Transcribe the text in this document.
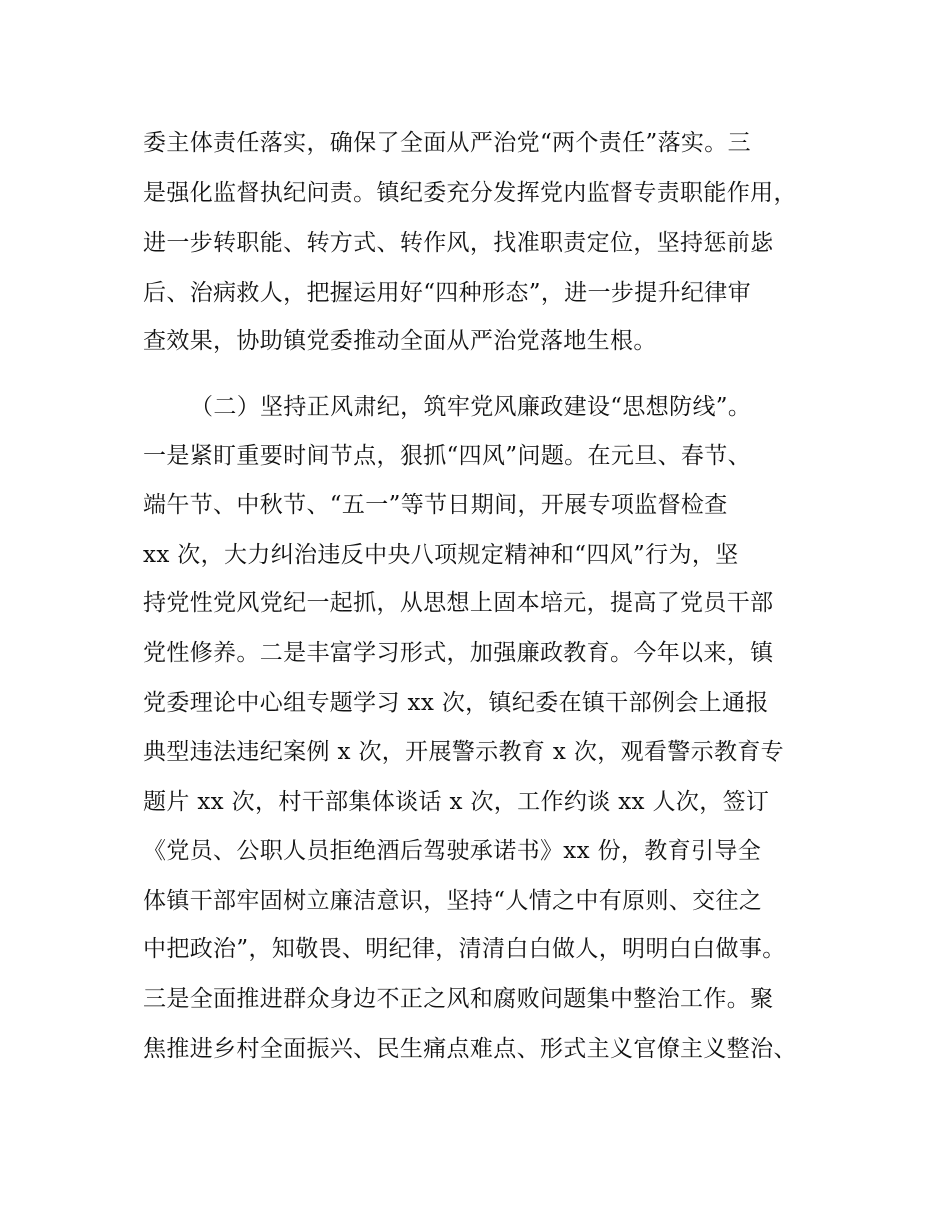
委主体责任落实，确保了全面从严治党“两个责任”落实。三

是强化监督执纪问责。镇纪委充分发挥党内监督专责职能作用，

进一步转职能、转方式、转作风，找准职责定位，坚持惩前毖

后、治病救人，把握运用好“四种形态”，进一步提升纪律审

查效果，协助镇党委推动全面从严治党落地生根。

（二）坚持正风肃纪，筑牢党风廉政建设“思想防线”。

一是紧盯重要时间节点，狠抓“四风”问题。在元旦、春节、

端午节、中秋节、“五一”等节日期间，开展专项监督检查

xx 次，大力纠治违反中央八项规定精神和“四风”行为，坚

持党性党风党纪一起抓，从思想上固本培元，提高了党员干部

党性修养。二是丰富学习形式，加强廉政教育。今年以来，镇

党委理论中心组专题学习 xx 次，镇纪委在镇干部例会上通报

典型违法违纪案例 x 次，开展警示教育 x 次，观看警示教育专

题片 xx 次，村干部集体谈话 x 次，工作约谈 xx 人次，签订

《党员、公职人员拒绝酒后驾驶承诺书》xx 份，教育引导全

体镇干部牢固树立廉洁意识，坚持“人情之中有原则、交往之

中把政治”，知敬畏、明纪律，清清白白做人，明明白白做事。

三是全面推进群众身边不正之风和腐败问题集中整治工作。聚

焦推进乡村全面振兴、民生痛点难点、形式主义官僚主义整治、
